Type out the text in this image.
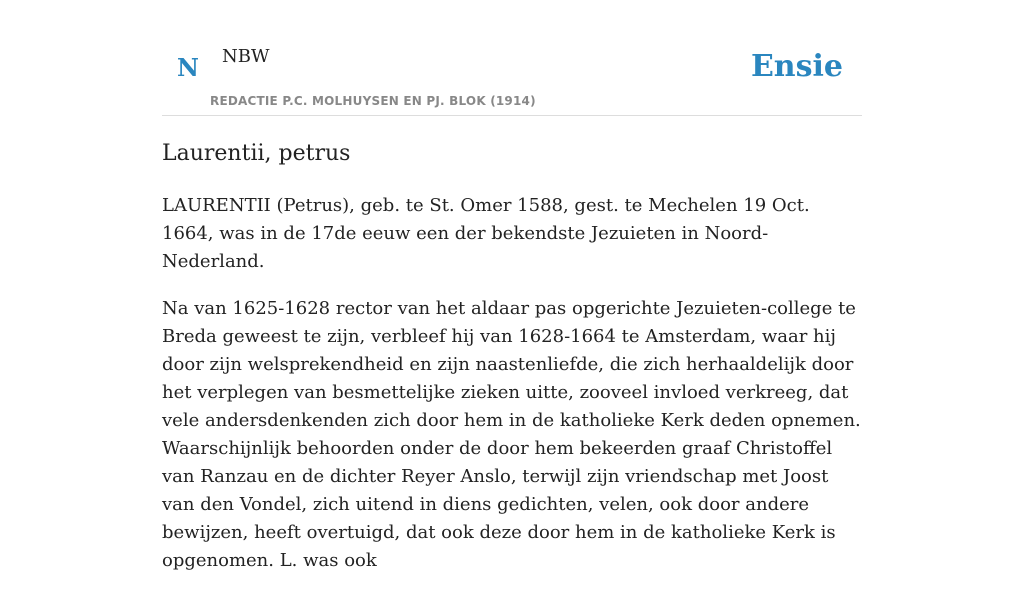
N NBW
REDACTIE P.C. MOLHUYSEN EN PJ. BLOK (1914)
Ensie
Laurentii, petrus

LAURENTII (Petrus), geb. te St. Omer 1588, gest. te Mechelen 19 Oct. 1664, was in de 17de eeuw een der bekendste Jezuieten in Noord-Nederland.

Na van 1625-1628 rector van het aldaar pas opgerichte Jezuieten-college te Breda geweest te zijn, verbleef hij van 1628-1664 te Amsterdam, waar hij door zijn welsprekendheid en zijn naastenliefde, die zich herhaaldelijk door het verplegen van besmettelijke zieken uitte, zooveel invloed verkreeg, dat vele andersdenkenden zich door hem in de katholieke Kerk deden opnemen. Waarschijnlijk behoorden onder de door hem bekeerden graaf Christoffel van Ranzau en de dichter Reyer Anslo, terwijl zijn vriendschap met Joost van den Vondel, zich uitend in diens gedichten, velen, ook door andere bewijzen, heeft overtuigd, dat ook deze door hem in de katholieke Kerk is opgenomen. L. was ook
